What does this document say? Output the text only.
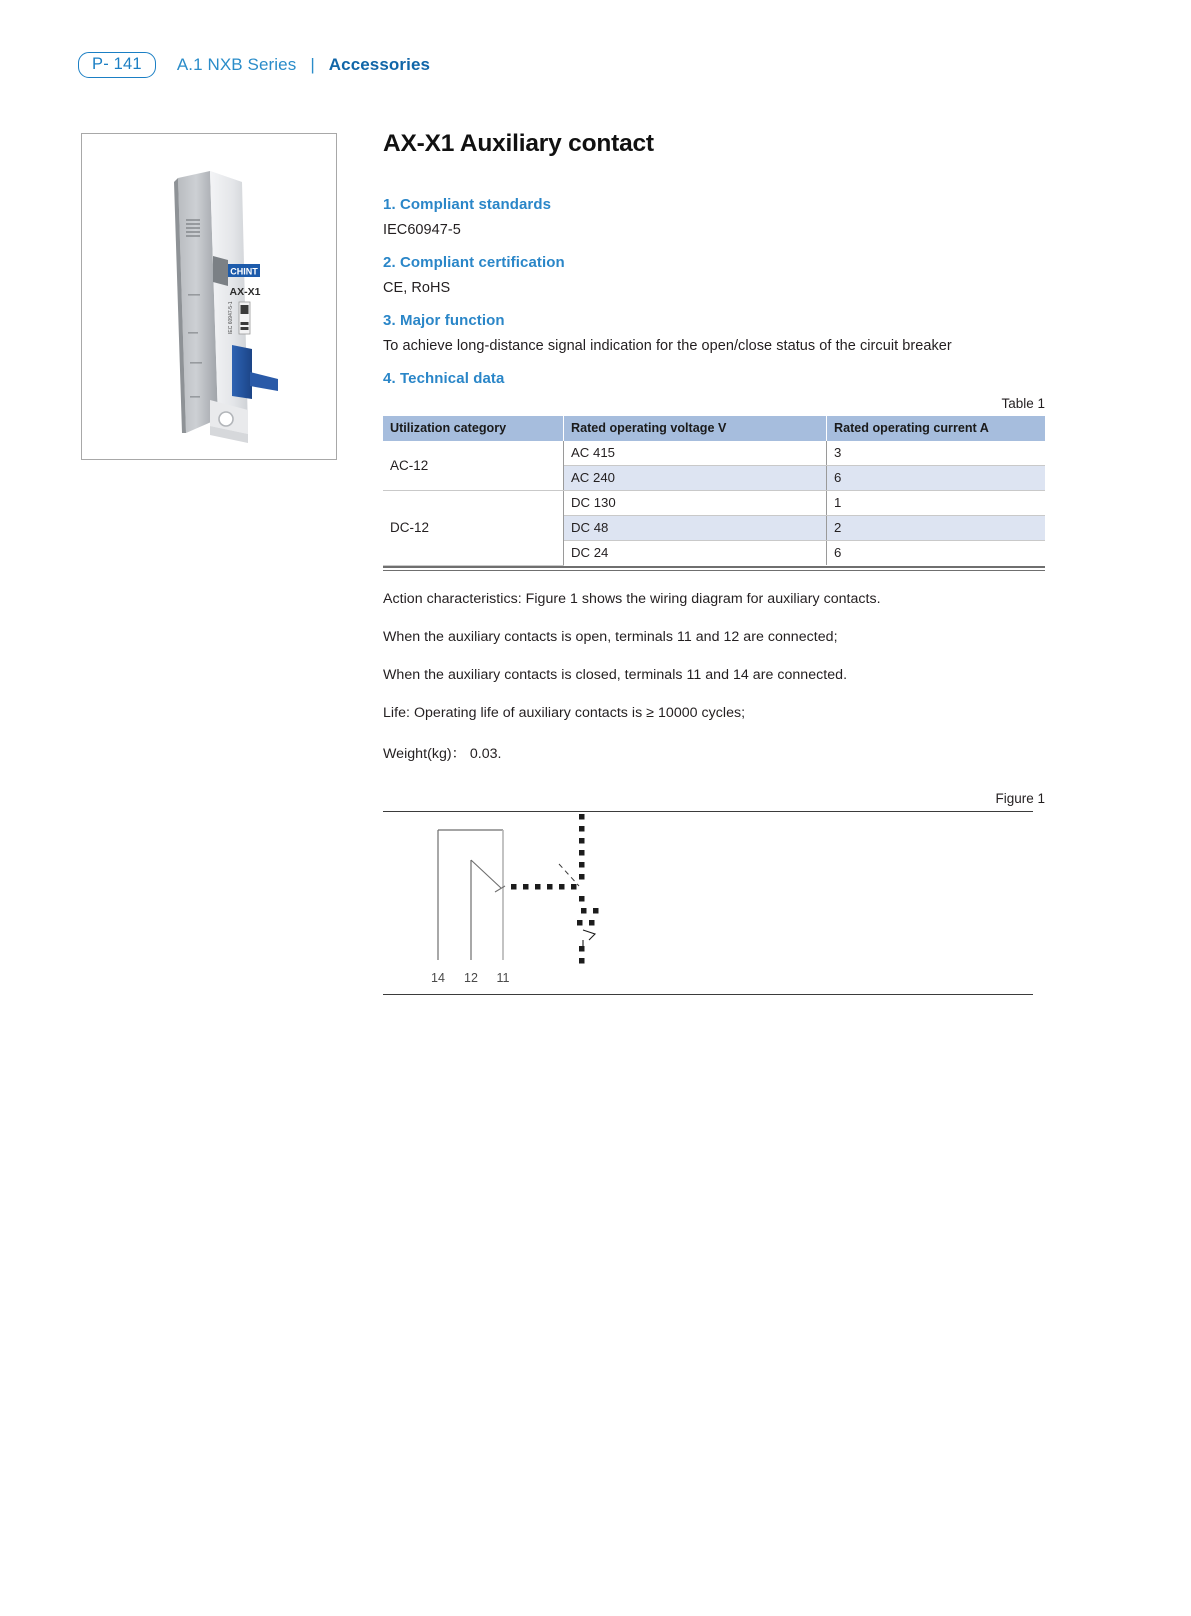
P- 141	A.1 NXB Series | Accessories
CHINT
AX-X1
IEC 60947-5-1
AX-X1 Auxiliary contact
1. Compliant standards
IEC60947-5
2. Compliant certification
CE, RoHS
3. Major function
To achieve long-distance signal indication for the open/close status of the circuit breaker
4. Technical data
Table 1
Utilization category	Rated operating voltage V	Rated operating current A
AC-12	AC 415	3
	AC 240	6
DC-12	DC 130	1
	DC 48	2
	DC 24	6

Action characteristics: Figure 1 shows the wiring diagram for auxiliary contacts.

When the auxiliary contacts is open, terminals 11 and 12 are connected;

When the auxiliary contacts is closed, terminals 11 and 14 are connected.

Life: Operating life of auxiliary contacts is ≥ 10000 cycles;

Weight(kg)： 0.03.

Figure 1
14 12 11
